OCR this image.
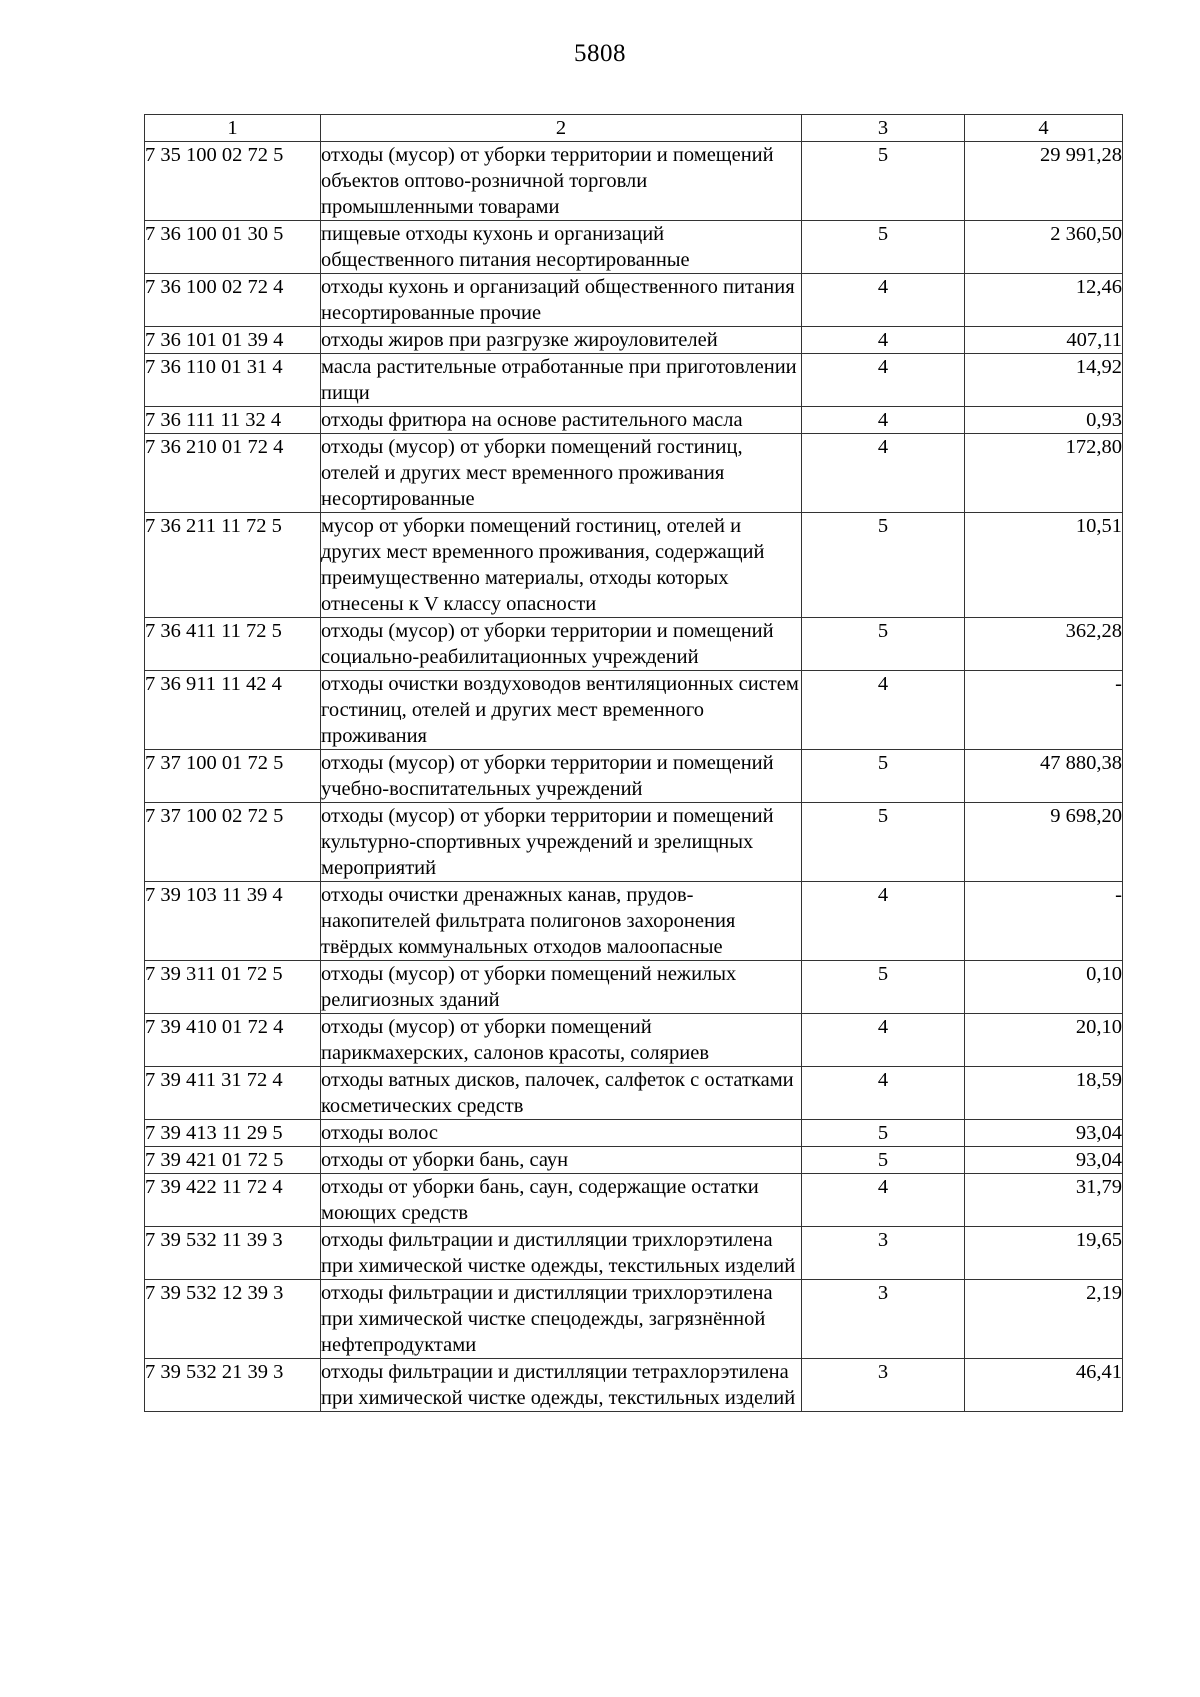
5808
1	2	3	4
7 35 100 02 72 5	отходы (мусор) от уборки территории и помещений объектов оптово-розничной торговли промышленными товарами	5	29 991,28
7 36 100 01 30 5	пищевые отходы кухонь и организаций общественного питания несортированные	5	2 360,50
7 36 100 02 72 4	отходы кухонь и организаций общественного питания несортированные прочие	4	12,46
7 36 101 01 39 4	отходы жиров при разгрузке жироуловителей	4	407,11
7 36 110 01 31 4	масла растительные отработанные при приготовлении пищи	4	14,92
7 36 111 11 32 4	отходы фритюра на основе растительного масла	4	0,93
7 36 210 01 72 4	отходы (мусор) от уборки помещений гостиниц, отелей и других мест временного проживания несортированные	4	172,80
7 36 211 11 72 5	мусор от уборки помещений гостиниц, отелей и других мест временного проживания, содержащий преимущественно материалы, отходы которых отнесены к V классу опасности	5	10,51
7 36 411 11 72 5	отходы (мусор) от уборки территории и помещений социально-реабилитационных учреждений	5	362,28
7 36 911 11 42 4	отходы очистки воздуховодов вентиляционных систем гостиниц, отелей и других мест временного проживания	4	-
7 37 100 01 72 5	отходы (мусор) от уборки территории и помещений учебно-воспитательных учреждений	5	47 880,38
7 37 100 02 72 5	отходы (мусор) от уборки территории и помещений культурно-спортивных учреждений и зрелищных мероприятий	5	9 698,20
7 39 103 11 39 4	отходы очистки дренажных канав, прудов-накопителей фильтрата полигонов захоронения твёрдых коммунальных отходов малоопасные	4	-
7 39 311 01 72 5	отходы (мусор) от уборки помещений нежилых религиозных зданий	5	0,10
7 39 410 01 72 4	отходы (мусор) от уборки помещений парикмахерских, салонов красоты, соляриев	4	20,10
7 39 411 31 72 4	отходы ватных дисков, палочек, салфеток с остатками косметических средств	4	18,59
7 39 413 11 29 5	отходы волос	5	93,04
7 39 421 01 72 5	отходы от уборки бань, саун	5	93,04
7 39 422 11 72 4	отходы от уборки бань, саун, содержащие остатки моющих средств	4	31,79
7 39 532 11 39 3	отходы фильтрации и дистилляции трихлорэтилена при химической чистке одежды, текстильных изделий	3	19,65
7 39 532 12 39 3	отходы фильтрации и дистилляции трихлорэтилена при химической чистке спецодежды, загрязнённой нефтепродуктами	3	2,19
7 39 532 21 39 3	отходы фильтрации и дистилляции тетрахлорэтилена при химической чистке одежды, текстильных изделий	3	46,41
